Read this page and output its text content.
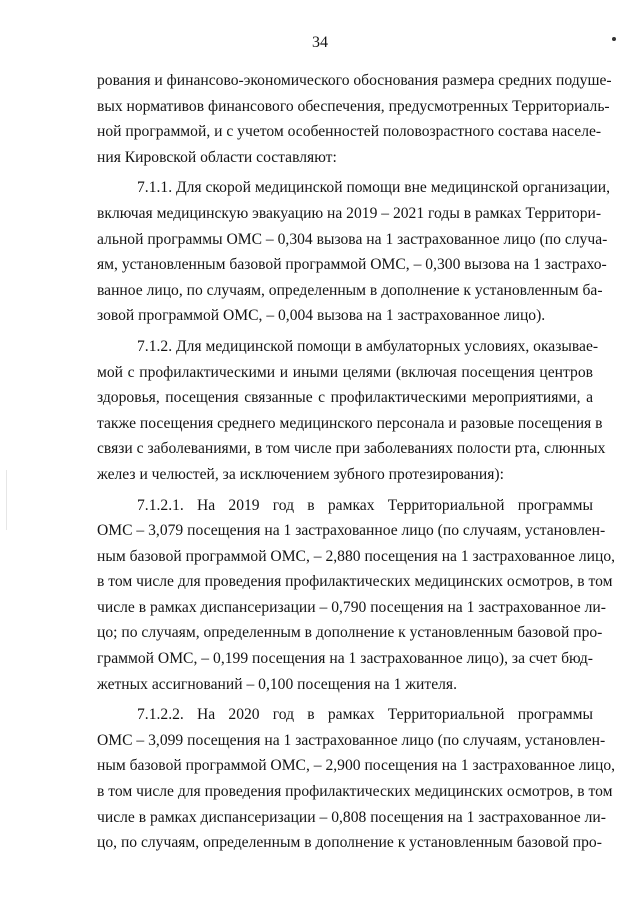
34
рования и финансово-экономического обоснования размера средних подуше-
вых нормативов финансового обеспечения, предусмотренных Территориаль-
ной программой, и с учетом особенностей половозрастного состава населе-
ния Кировской области составляют:
7.1.1. Для скорой медицинской помощи вне медицинской организации,
включая медицинскую эвакуацию на 2019 – 2021 годы в рамках Территори-
альной программы ОМС – 0,304 вызова на 1 застрахованное лицо (по случа-
ям, установленным базовой программой ОМС, – 0,300 вызова на 1 застрахо-
ванное лицо, по случаям, определенным в дополнение к установленным ба-
зовой программой ОМС, – 0,004 вызова на 1 застрахованное лицо).
7.1.2. Для медицинской помощи в амбулаторных условиях, оказывае-
мой с профилактическими и иными целями (включая посещения центров
здоровья, посещения связанные с профилактическими мероприятиями, а
также посещения среднего медицинского персонала и разовые посещения в
связи с заболеваниями, в том числе при заболеваниях полости рта, слюнных
желез и челюстей, за исключением зубного протезирования):
7.1.2.1. На 2019 год в рамках Территориальной программы
ОМС – 3,079 посещения на 1 застрахованное лицо (по случаям, установлен-
ным базовой программой ОМС, – 2,880 посещения на 1 застрахованное лицо,
в том числе для проведения профилактических медицинских осмотров, в том
числе в рамках диспансеризации – 0,790 посещения на 1 застрахованное ли-
цо; по случаям, определенным в дополнение к установленным базовой про-
граммой ОМС, – 0,199 посещения на 1 застрахованное лицо), за счет бюд-
жетных ассигнований – 0,100 посещения на 1 жителя.
7.1.2.2. На 2020 год в рамках Территориальной программы
ОМС – 3,099 посещения на 1 застрахованное лицо (по случаям, установлен-
ным базовой программой ОМС, – 2,900 посещения на 1 застрахованное лицо,
в том числе для проведения профилактических медицинских осмотров, в том
числе в рамках диспансеризации – 0,808 посещения на 1 застрахованное ли-
цо, по случаям, определенным в дополнение к установленным базовой про-
